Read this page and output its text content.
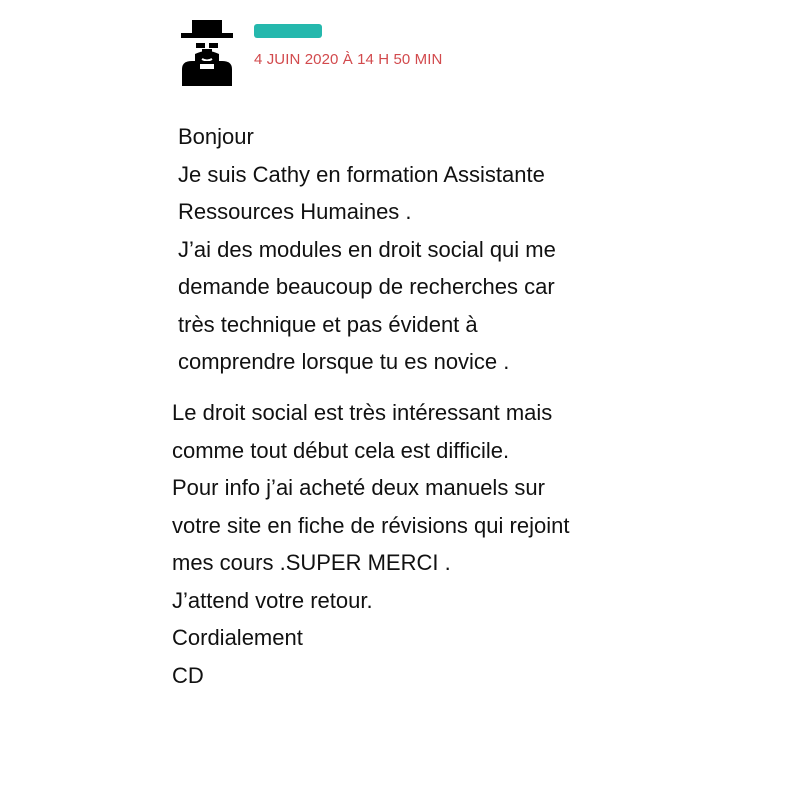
4 JUIN 2020 À 14 H 50 MIN

Bonjour
Je suis Cathy en formation Assistante
Ressources Humaines .
J’ai des modules en droit social qui me
demande beaucoup de recherches car
très technique et pas évident à
comprendre lorsque tu es novice .

Le droit social est très intéressant mais
comme tout début cela est difficile.
Pour info j’ai acheté deux manuels sur
votre site en fiche de révisions qui rejoint
mes cours .SUPER MERCI .
J’attend votre retour.
Cordialement
CD
